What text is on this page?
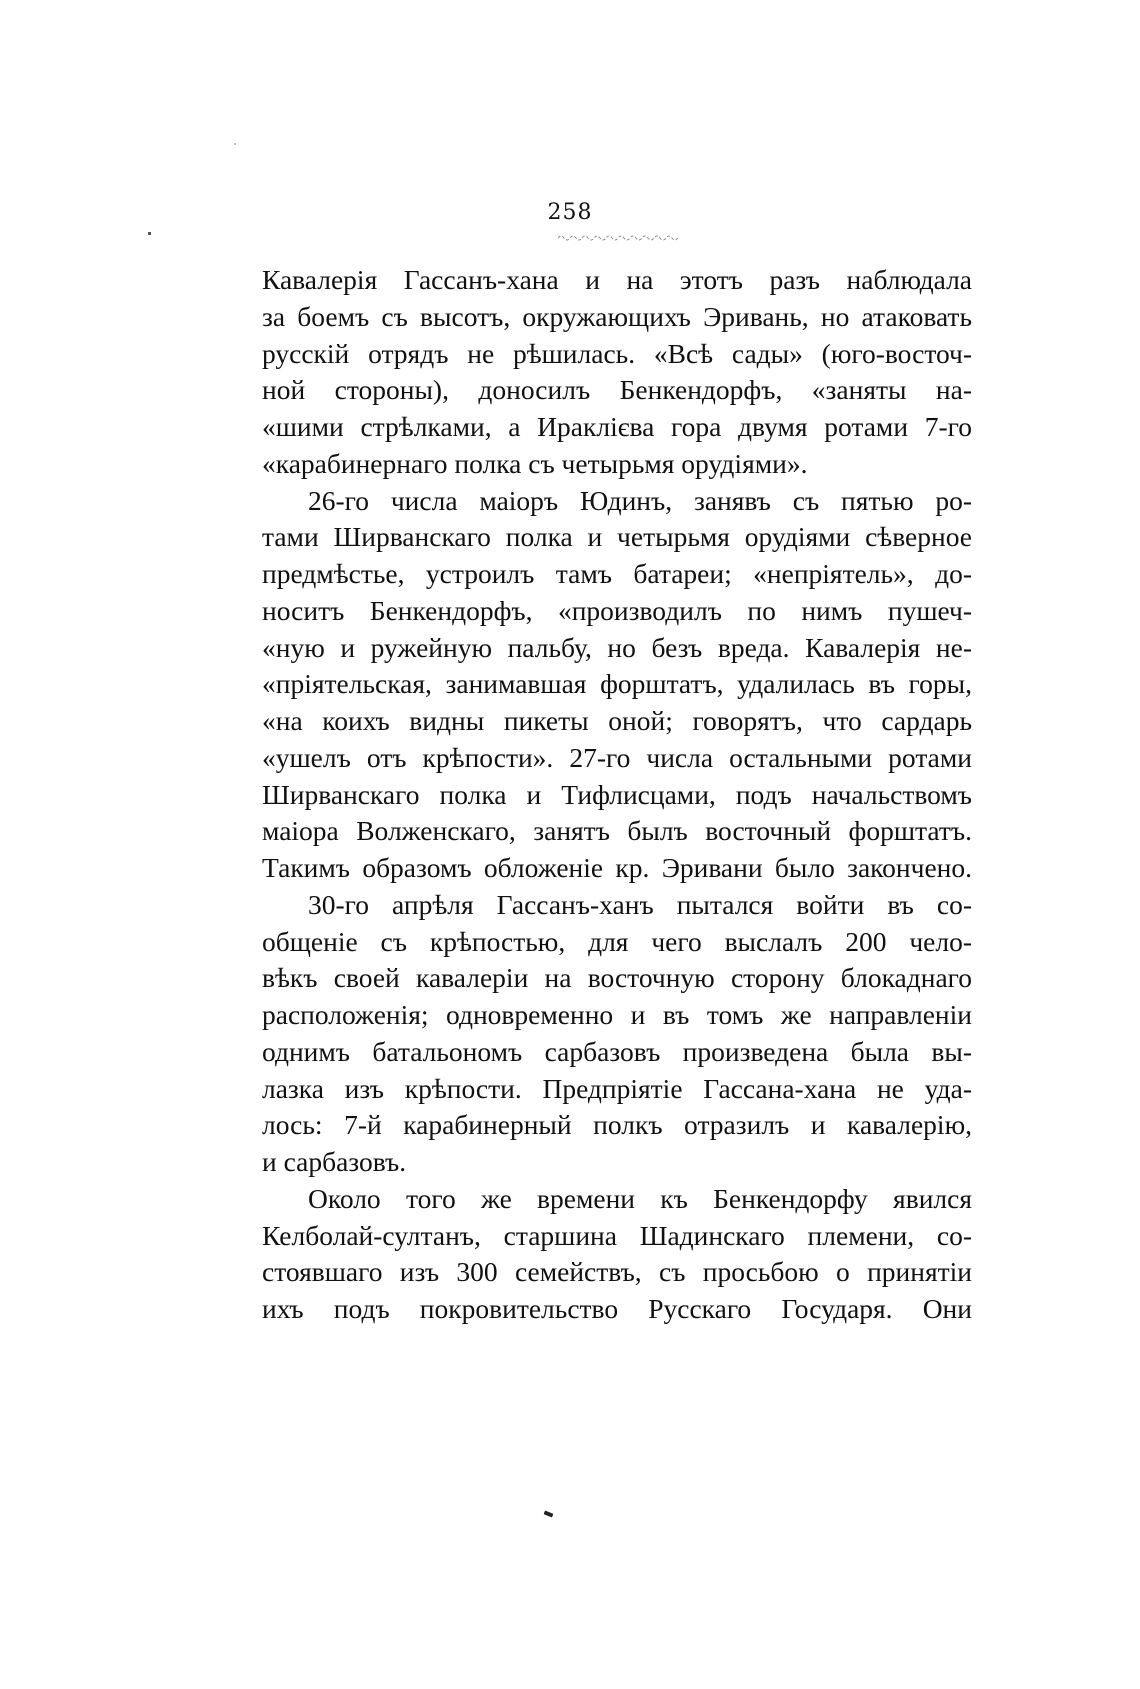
258
Кавалерія Гассанъ-хана и на этотъ разъ наблюдала
за боемъ съ высотъ, окружающихъ Эривань, но атаковать
русскій отрядъ не рѣшилась. «Всѣ сады» (юго-восточ-
ной стороны), доносилъ Бенкендорфъ, «заняты на-
«шими стрѣлками, а Ираклієва гора двумя ротами 7-го
«карабинернаго полка съ четырьмя орудіями».
26-го числа маіоръ Юдинъ, занявъ съ пятью ро-
тами Ширванскаго полка и четырьмя орудіями сѣверное
предмѣстье, устроилъ тамъ батареи; «непріятель», до-
носитъ Бенкендорфъ, «производилъ по нимъ пушеч-
«ную и ружейную пальбу, но безъ вреда. Кавалерія не-
«пріятельская, занимавшая форштатъ, удалилась въ горы,
«на коихъ видны пикеты оной; говорятъ, что сардарь
«ушелъ отъ крѣпости». 27-го числа остальными ротами
Ширванскаго полка и Тифлисцами, подъ начальствомъ
маіора Волженскаго, занятъ былъ восточный форштатъ.
Такимъ образомъ обложеніе кр. Эривани было закончено.
30-го апрѣля Гассанъ-ханъ пытался войти въ со-
общеніе съ крѣпостью, для чего выслалъ 200 чело-
вѣкъ своей кавалеріи на восточную сторону блокаднаго
расположенія; одновременно и въ томъ же направленіи
однимъ батальономъ сарбазовъ произведена была вы-
лазка изъ крѣпости. Предпріятіе Гассана-хана не уда-
лось: 7-й карабинерный полкъ отразилъ и кавалерію,
и сарбазовъ.
Около того же времени къ Бенкендорфу явился
Келболай-султанъ, старшина Шадинскаго племени, со-
стоявшаго изъ 300 семействъ, съ просьбою о принятіи
ихъ подъ покровительство Русскаго Государя. Они
